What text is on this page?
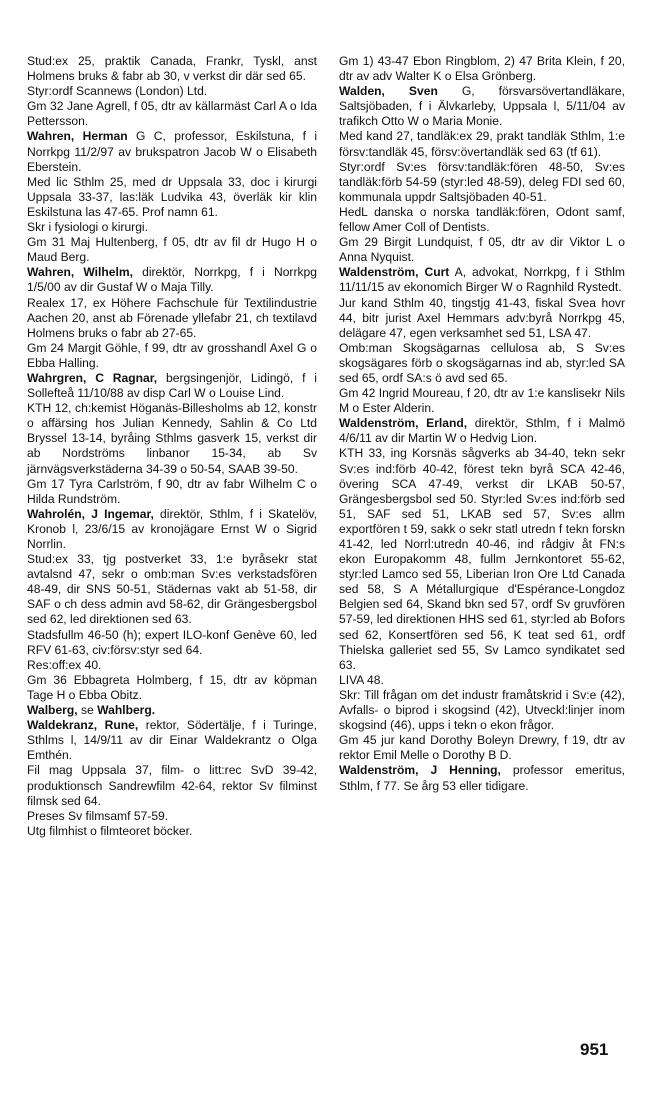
Stud:ex 25, praktik Canada, Frankr, Tyskl, anst Holmens bruks & fabr ab 30, v verkst dir där sed 65.

Styr:ordf Scannews (London) Ltd.

Gm 32 Jane Agrell, f 05, dtr av källarmäst Carl A o Ida Pettersson.

Wahren, Herman G C, professor, Eskilstuna, f i Norrkpg 11/2/97 av brukspatron Jacob W o Elisabeth Eberstein.

Med lic Sthlm 25, med dr Uppsala 33, doc i kirurgi Uppsala 33-37, las:läk Ludvika 43, överläk kir klin Eskilstuna las 47-65. Prof namn 61.

Skr i fysiologi o kirurgi.

Gm 31 Maj Hultenberg, f 05, dtr av fil dr Hugo H o Maud Berg.

Wahren, Wilhelm, direktör, Norrkpg, f i Norrkpg 1/5/00 av dir Gustaf W o Maja Tilly.

Realex 17, ex Höhere Fachschule für Textilindustrie Aachen 20, anst ab Förenade yllefabr 21, ch textilavd Holmens bruks o fabr ab 27-65.

Gm 24 Margit Göhle, f 99, dtr av grosshandl Axel G o Ebba Halling.

Wahrgren, C Ragnar, bergsingenjör, Lidingö, f i Sollefteå 11/10/88 av disp Carl W o Louise Lind.

KTH 12, ch:kemist Höganäs-Billesholms ab 12, konstr o affärsing hos Julian Kennedy, Sahlin & Co Ltd Bryssel 13-14, byråing Sthlms gasverk 15, verkst dir ab Nordströms linbanor 15-34, ab Sv järnvägsverkstäderna 34-39 o 50-54, SAAB 39-50.

Gm 17 Tyra Carlström, f 90, dtr av fabr Wilhelm C o Hilda Rundström.

Wahrolén, J Ingemar, direktör, Sthlm, f i Skatelöv, Kronob l, 23/6/15 av kronojägare Ernst W o Sigrid Norrlin.

Stud:ex 33, tjg postverket 33, 1:e byråsekr stat avtalsnd 47, sekr o omb:man Sv:es verkstadsfören 48-49, dir SNS 50-51, Städernas vakt ab 51-58, dir SAF o ch dess admin avd 58-62, dir Grängesbergsbol sed 62, led direktionen sed 63.

Stadsfullm 46-50 (h); expert ILO-konf Genève 60, led RFV 61-63, civ:försv:styr sed 64.

Res:off:ex 40.

Gm 36 Ebbagreta Holmberg, f 15, dtr av köpman Tage H o Ebba Obitz.

Walberg, se Wahlberg.

Waldekranz, Rune, rektor, Södertälje, f i Turinge, Sthlms l, 14/9/11 av dir Einar Waldekrantz o Olga Emthén.

Fil mag Uppsala 37, film- o litt:rec SvD 39-42, produktionsch Sandrewfilm 42-64, rektor Sv filminst filmsk sed 64.

Preses Sv filmsamf 57-59.

Utg filmhist o filmteoret böcker.

Gm 1) 43-47 Ebon Ringblom, 2) 47 Brita Klein, f 20, dtr av adv Walter K o Elsa Grönberg.

Walden, Sven G, försvarsövertandläkare, Saltsjöbaden, f i Älvkarleby, Uppsala l, 5/11/04 av trafikch Otto W o Maria Monie.

Med kand 27, tandläk:ex 29, prakt tandläk Sthlm, 1:e försv:tandläk 45, försv:övertandläk sed 63 (tf 61).

Styr:ordf Sv:es försv:tandläk:fören 48-50, Sv:es tandläk:förb 54-59 (styr:led 48-59), deleg FDI sed 60, kommunala uppdr Saltsjöbaden 40-51.

HedL danska o norska tandläk:fören, Odont samf, fellow Amer Coll of Dentists.

Gm 29 Birgit Lundquist, f 05, dtr av dir Viktor L o Anna Nyquist.

Waldenström, Curt A, advokat, Norrkpg, f i Sthlm 11/11/15 av ekonomich Birger W o Ragnhild Rystedt.

Jur kand Sthlm 40, tingstjg 41-43, fiskal Svea hovr 44, bitr jurist Axel Hemmars adv:byrå Norrkpg 45, delägare 47, egen verksamhet sed 51, LSA 47.

Omb:man Skogsägarnas cellulosa ab, S Sv:es skogsägares förb o skogsägarnas ind ab, styr:led SA sed 65, ordf SA:s ö avd sed 65.

Gm 42 Ingrid Moureau, f 20, dtr av 1:e kanslisekr Nils M o Ester Alderin.

Waldenström, Erland, direktör, Sthlm, f i Malmö 4/6/11 av dir Martin W o Hedvig Lion.

KTH 33, ing Korsnäs sågverks ab 34-40, tekn sekr Sv:es ind:förb 40-42, förest tekn byrå SCA 42-46, övering SCA 47-49, verkst dir LKAB 50-57, Grängesbergsbol sed 50. Styr:led Sv:es ind:förb sed 51, SAF sed 51, LKAB sed 57, Sv:es allm exportfören t 59, sakk o sekr statl utredn f tekn forskn 41-42, led Norrl:utredn 40-46, ind rådgiv åt FN:s ekon Europakomm 48, fullm Jernkontoret 55-62, styr:led Lamco sed 55, Liberian Iron Ore Ltd Canada sed 58, S A Métallurgique d'Espérance-Longdoz Belgien sed 64, Skand bkn sed 57, ordf Sv gruvfören 57-59, led direktionen HHS sed 61, styr:led ab Bofors sed 62, Konsertfören sed 56, K teat sed 61, ordf Thielska galleriet sed 55, Sv Lamco syndikatet sed 63.

LIVA 48.

Skr: Till frågan om det industr framåtskrid i Sv:e (42), Avfalls- o biprod i skogsind (42), Utveckl:linjer inom skogsind (46), upps i tekn o ekon frågor.

Gm 45 jur kand Dorothy Boleyn Drewry, f 19, dtr av rektor Emil Melle o Dorothy B D.

Waldenström, J Henning, professor emeritus, Sthlm, f 77. Se årg 53 eller tidigare.

951
